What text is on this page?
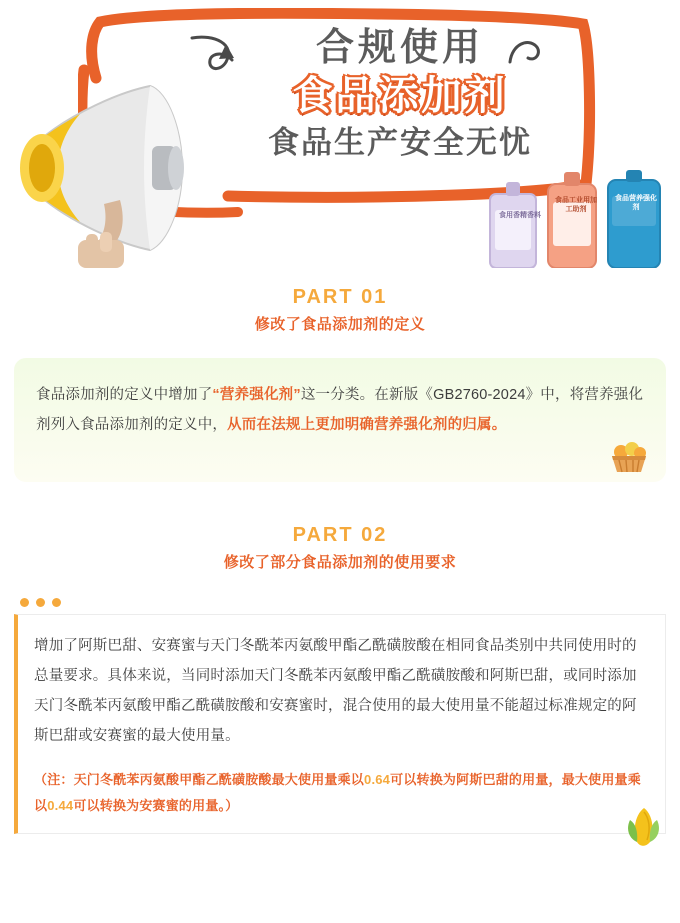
合规使用
食品添加剂
食品生产安全无忧
食用香精香料
食品工业用加工助剂
食品营养强化剂
PART 01
修改了食品添加剂的定义

食品添加剂的定义中增加了“营养强化剂”这一分类。在新版《GB2760-2024》中，将营养强化剂列入食品添加剂的定义中，从而在法规上更加明确营养强化剂的归属。

PART 02
修改了部分食品添加剂的使用要求

增加了阿斯巴甜、安赛蜜与天门冬酰苯丙氨酸甲酯乙酰磺胺酸在相同食品类别中共同使用时的总量要求。具体来说，当同时添加天门冬酰苯丙氨酸甲酯乙酰磺胺酸和阿斯巴甜，或同时添加天门冬酰苯丙氨酸甲酯乙酰磺胺酸和安赛蜜时，混合使用的最大使用量不能超过标准规定的阿斯巴甜或安赛蜜的最大使用量。

（注：天门冬酰苯丙氨酸甲酯乙酰磺胺酸最大使用量乘以0.64可以转换为阿斯巴甜的用量，最大使用量乘以0.44可以转换为安赛蜜的用量。）
